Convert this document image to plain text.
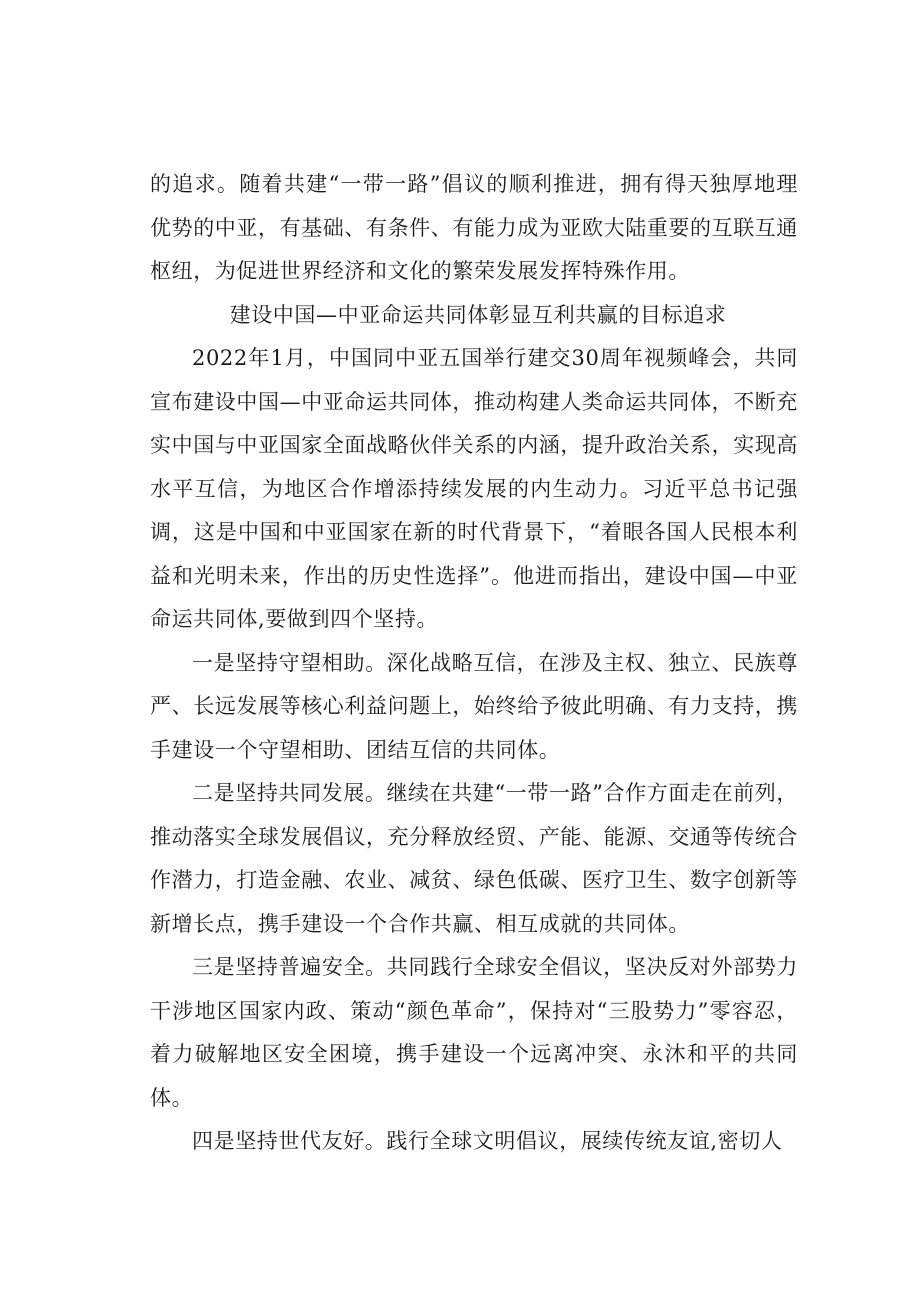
的追求。随着共建“一带一路”倡议的顺利推进，拥有得天独厚地理优势的中亚，有基础、有条件、有能力成为亚欧大陆重要的互联互通枢纽，为促进世界经济和文化的繁荣发展发挥特殊作用。

建设中国—中亚命运共同体彰显互利共赢的目标追求

2022年1月，中国同中亚五国举行建交30周年视频峰会，共同宣布建设中国—中亚命运共同体，推动构建人类命运共同体，不断充实中国与中亚国家全面战略伙伴关系的内涵，提升政治关系，实现高水平互信，为地区合作增添持续发展的内生动力。习近平总书记强调，这是中国和中亚国家在新的时代背景下，“着眼各国人民根本利益和光明未来，作出的历史性选择”。他进而指出，建设中国—中亚命运共同体,要做到四个坚持。

一是坚持守望相助。深化战略互信，在涉及主权、独立、民族尊严、长远发展等核心利益问题上，始终给予彼此明确、有力支持，携手建设一个守望相助、团结互信的共同体。

二是坚持共同发展。继续在共建“一带一路”合作方面走在前列，推动落实全球发展倡议，充分释放经贸、产能、能源、交通等传统合作潜力，打造金融、农业、减贫、绿色低碳、医疗卫生、数字创新等新增长点，携手建设一个合作共赢、相互成就的共同体。

三是坚持普遍安全。共同践行全球安全倡议，坚决反对外部势力干涉地区国家内政、策动“颜色革命”，保持对“三股势力”零容忍，着力破解地区安全困境，携手建设一个远离冲突、永沐和平的共同体。

四是坚持世代友好。践行全球文明倡议，展续传统友谊,密切人
